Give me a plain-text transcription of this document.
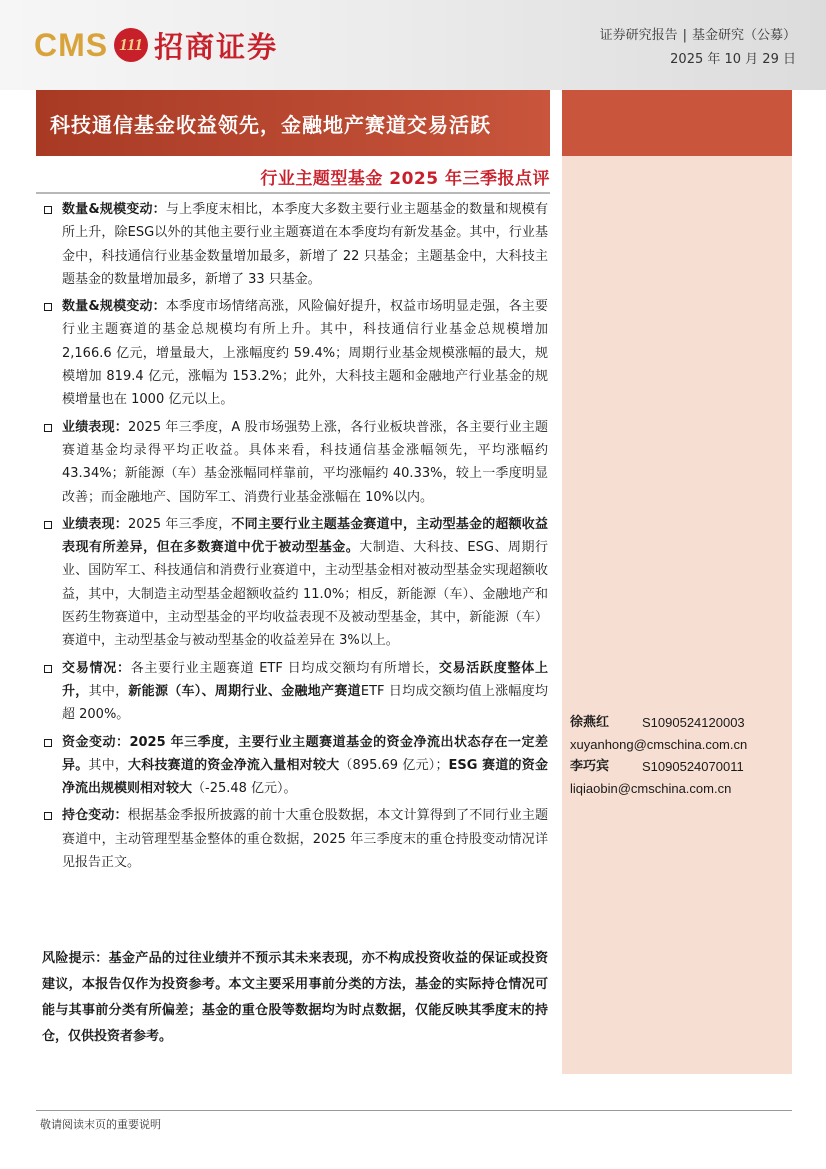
CMS 111 招商证券	证券研究报告 | 基金研究（公募）
2025 年 10 月 29 日
科技通信基金收益领先，金融地产赛道交易活跃
行业主题型基金 2025 年三季报点评
数量&规模变动：与上季度末相比，本季度大多数主要行业主题基金的数量和规模有所上升，除ESG以外的其他主要行业主题赛道在本季度均有新发基金。其中，行业基金中，科技通信行业基金数量增加最多，新增了 22 只基金；主题基金中，大科技主题基金的数量增加最多，新增了 33 只基金。
数量&规模变动：本季度市场情绪高涨，风险偏好提升，权益市场明显走强，各主要行业主题赛道的基金总规模均有所上升。其中，科技通信行业基金总规模增加 2,166.6 亿元，增量最大，上涨幅度约 59.4%；周期行业基金规模涨幅的最大，规模增加 819.4 亿元，涨幅为 153.2%；此外，大科技主题和金融地产行业基金的规模增量也在 1000 亿元以上。
业绩表现：2025 年三季度，A 股市场强势上涨，各行业板块普涨，各主要行业主题赛道基金均录得平均正收益。具体来看，科技通信基金涨幅领先，平均涨幅约 43.34%；新能源（车）基金涨幅同样靠前，平均涨幅约 40.33%，较上一季度明显改善；而金融地产、国防军工、消费行业基金涨幅在 10%以内。
业绩表现：2025 年三季度，不同主要行业主题基金赛道中，主动型基金的超额收益表现有所差异，但在多数赛道中优于被动型基金。大制造、大科技、ESG、周期行业、国防军工、科技通信和消费行业赛道中，主动型基金相对被动型基金实现超额收益，其中，大制造主动型基金超额收益约 11.0%；相反，新能源（车）、金融地产和医药生物赛道中，主动型基金的平均收益表现不及被动型基金，其中，新能源（车）赛道中，主动型基金与被动型基金的收益差异在 3%以上。
交易情况：各主要行业主题赛道 ETF 日均成交额均有所增长，交易活跃度整体上升，其中，新能源（车）、周期行业、金融地产赛道ETF 日均成交额均值上涨幅度均超 200%。
资金变动：2025 年三季度，主要行业主题赛道基金的资金净流出状态存在一定差异。其中，大科技赛道的资金净流入量相对较大（895.69 亿元）；ESG 赛道的资金净流出规模则相对较大（-25.48 亿元）。
持仓变动：根据基金季报所披露的前十大重仓股数据，本文计算得到了不同行业主题赛道中，主动管理型基金整体的重仓数据，2025 年三季度末的重仓持股变动情况详见报告正文。
风险提示：基金产品的过往业绩并不预示其未来表现，亦不构成投资收益的保证或投资建议，本报告仅作为投资参考。本文主要采用事前分类的方法，基金的实际持仓情况可能与其事前分类有所偏差；基金的重仓股等数据均为时点数据，仅能反映其季度末的持仓，仅供投资者参考。
徐燕红	S1090524120003
xuyanhong@cmschina.com.cn
李巧宾	S1090524070011
liqiaobin@cmschina.com.cn
敬请阅读末页的重要说明
